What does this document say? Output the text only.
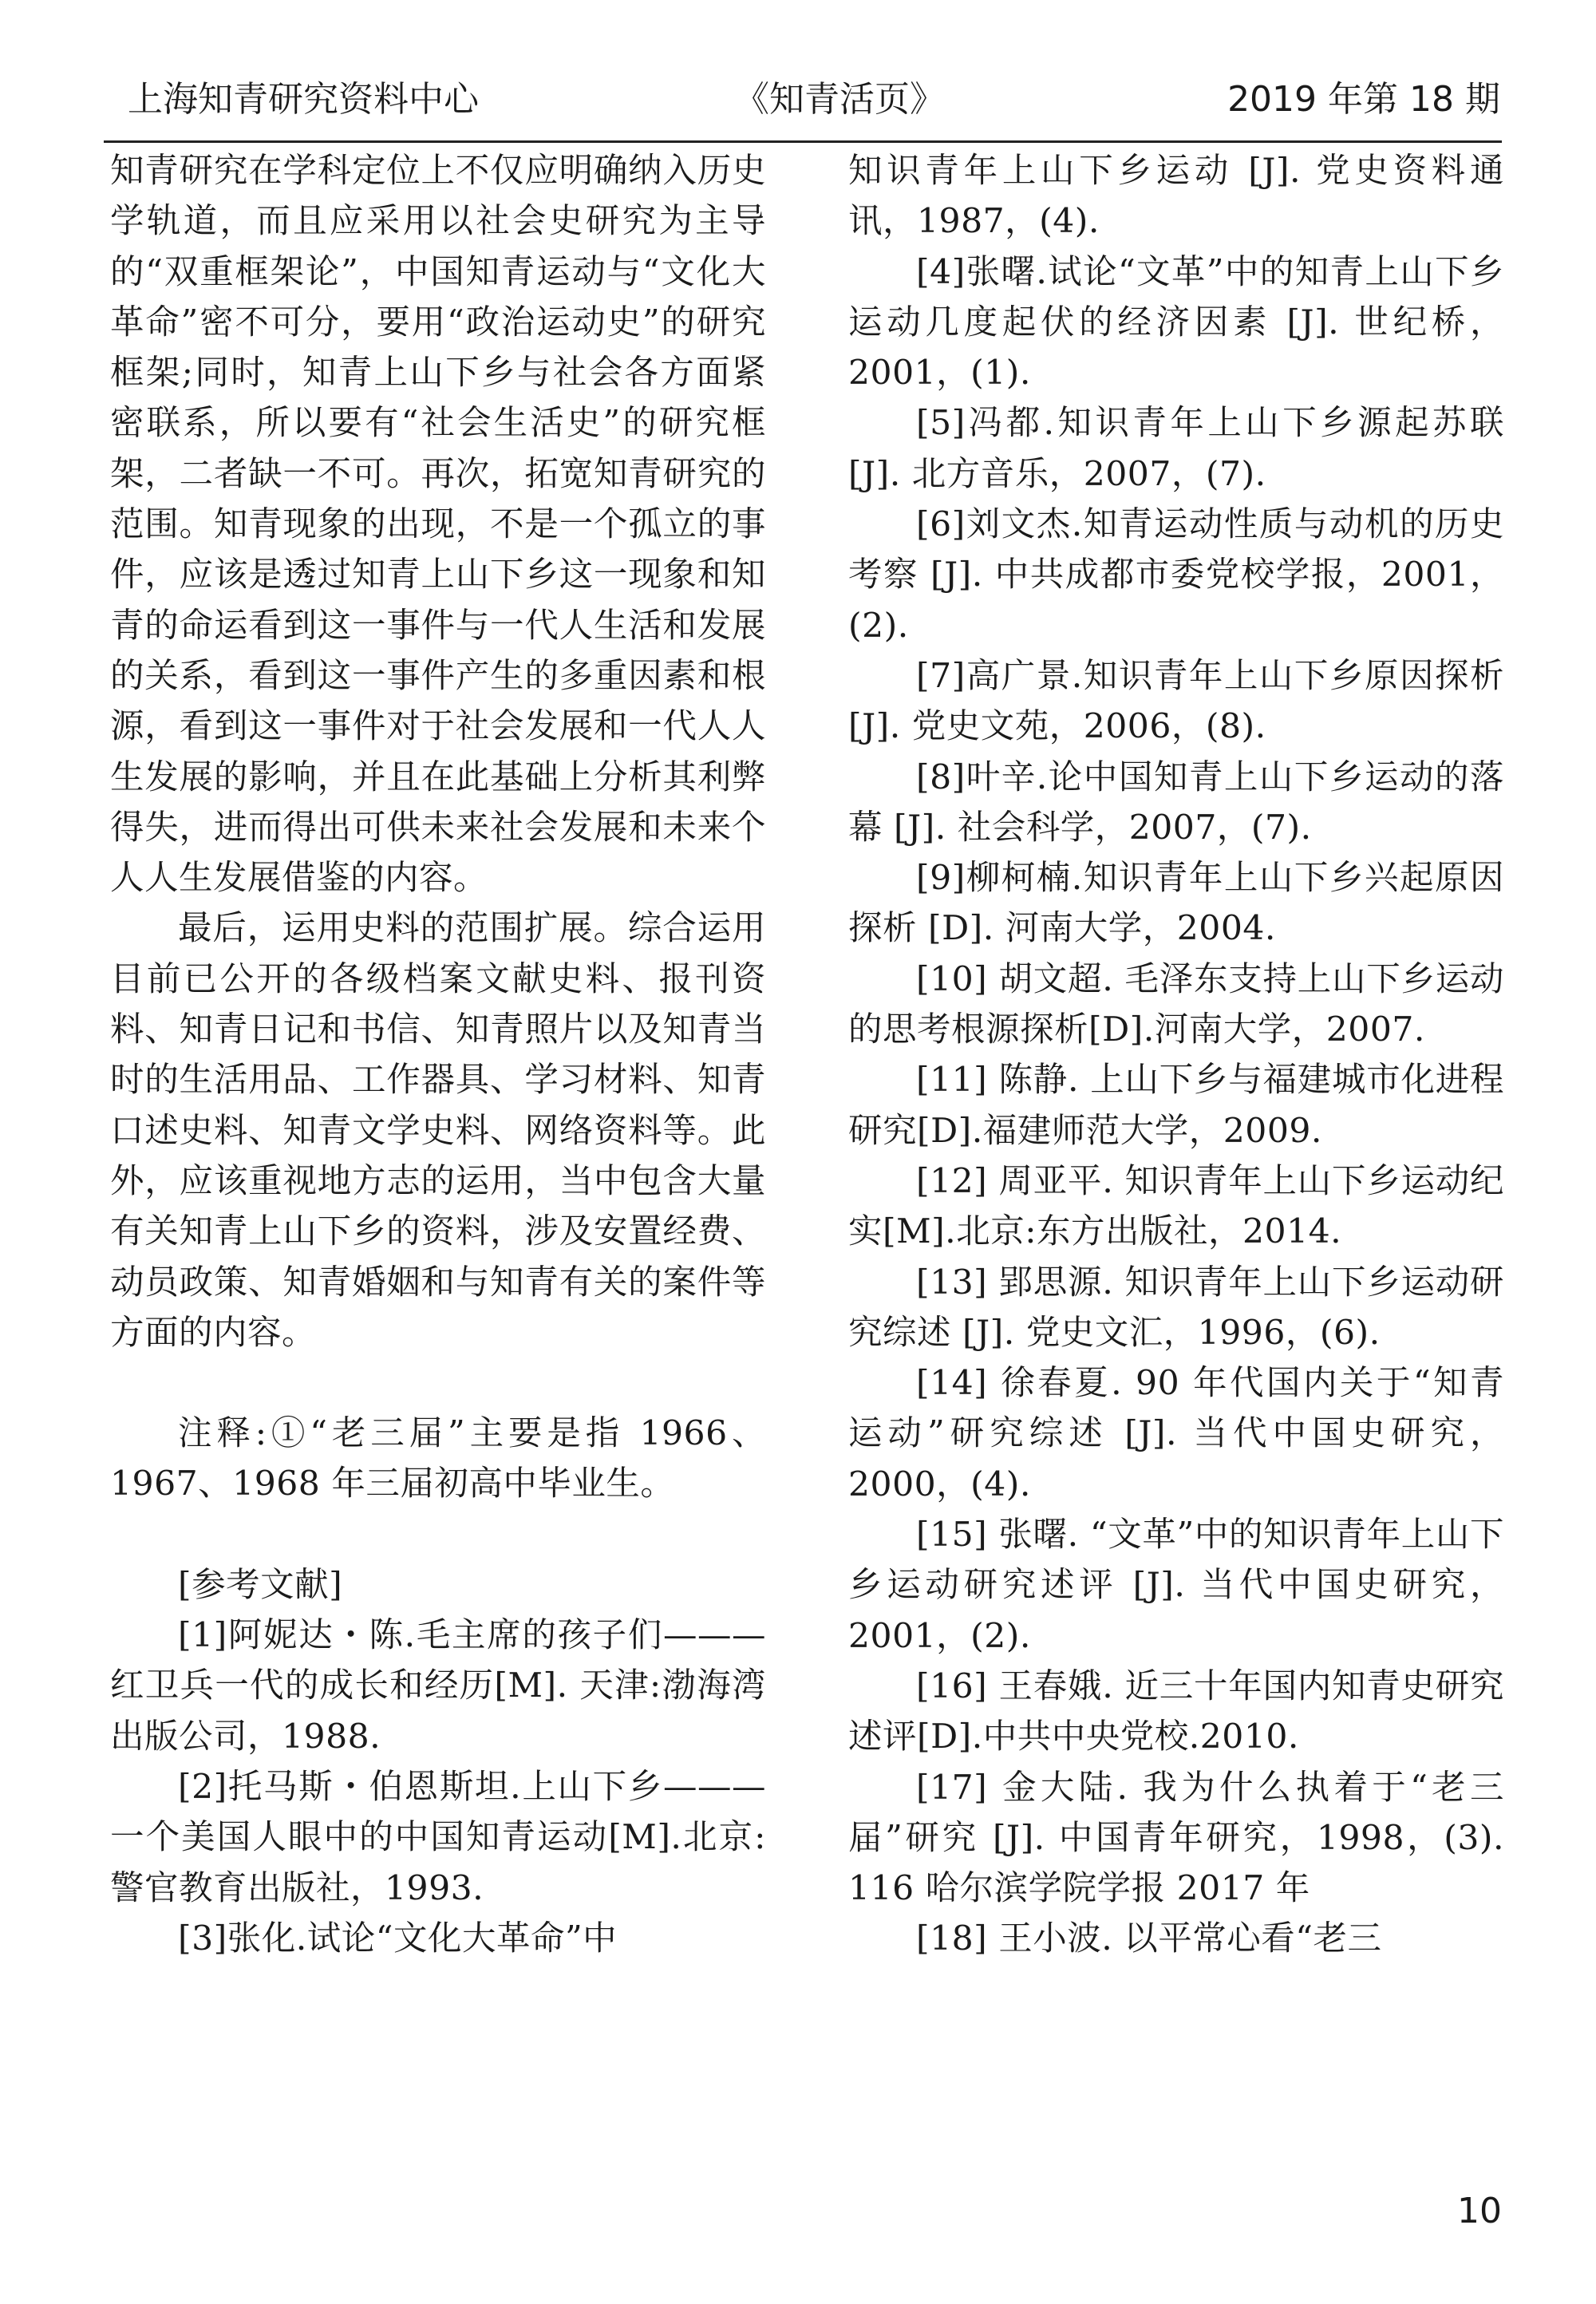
上海知青研究资料中心	《知青活页》	2019 年第 18 期

知青研究在学科定位上不仅应明确纳入历史学轨道，而且应采用以社会史研究为主导的“双重框架论”，中国知青运动与“文化大革命”密不可分，要用“政治运动史”的研究框架;同时，知青上山下乡与社会各方面紧密联系，所以要有“社会生活史”的研究框架，二者缺一不可。再次，拓宽知青研究的范围。知青现象的出现，不是一个孤立的事件，应该是透过知青上山下乡这一现象和知青的命运看到这一事件与一代人生活和发展的关系，看到这一事件产生的多重因素和根源，看到这一事件对于社会发展和一代人人生发展的影响，并且在此基础上分析其利弊得失，进而得出可供未来社会发展和未来个人人生发展借鉴的内容。

最后，运用史料的范围扩展。综合运用目前已公开的各级档案文献史料、报刊资料、知青日记和书信、知青照片以及知青当时的生活用品、工作器具、学习材料、知青口述史料、知青文学史料、网络资料等。此外，应该重视地方志的运用，当中包含大量有关知青上山下乡的资料，涉及安置经费、动员政策、知青婚姻和与知青有关的案件等方面的内容。

注释:①“老三届”主要是指 1966、1967、1968 年三届初高中毕业生。

[参考文献]

[1]阿妮达・陈.毛主席的孩子们———红卫兵一代的成长和经历[M]. 天津:渤海湾出版公司，1988.

[2]托马斯・伯恩斯坦.上山下乡———一个美国人眼中的中国知青运动[M].北京:警官教育出版社，1993.

[3]张化.试论“文化大革命”中

知识青年上山下乡运动 [J]. 党史资料通讯，1987，(4).

[4]张曙.试论“文革”中的知青上山下乡运动几度起伏的经济因素 [J]. 世纪桥，2001，(1).

[5]冯都.知识青年上山下乡源起苏联 [J]. 北方音乐，2007，(7).

[6]刘文杰.知青运动性质与动机的历史考察 [J]. 中共成都市委党校学报，2001，(2).

[7]高广景.知识青年上山下乡原因探析 [J]. 党史文苑，2006，(8).

[8]叶辛.论中国知青上山下乡运动的落幕 [J]. 社会科学，2007，(7).

[9]柳柯楠.知识青年上山下乡兴起原因探析 [D]. 河南大学，2004.

[10] 胡文超. 毛泽东支持上山下乡运动的思考根源探析[D].河南大学，2007.

[11] 陈静. 上山下乡与福建城市化进程研究[D].福建师范大学，2009.

[12] 周亚平. 知识青年上山下乡运动纪实[M].北京:东方出版社，2014.

[13] 郢思源. 知识青年上山下乡运动研究综述 [J]. 党史文汇，1996，(6).

[14] 徐春夏. 90 年代国内关于“知青运动”研究综述 [J]. 当代中国史研究，2000，(4).

[15] 张曙. “文革”中的知识青年上山下乡运动研究述评 [J]. 当代中国史研究，2001，(2).

[16] 王春娥. 近三十年国内知青史研究述评[D].中共中央党校.2010.

[17] 金大陆. 我为什么执着于“老三届”研究 [J]. 中国青年研究，1998，(3). 116 哈尔滨学院学报 2017 年

[18] 王小波. 以平常心看“老三

10
